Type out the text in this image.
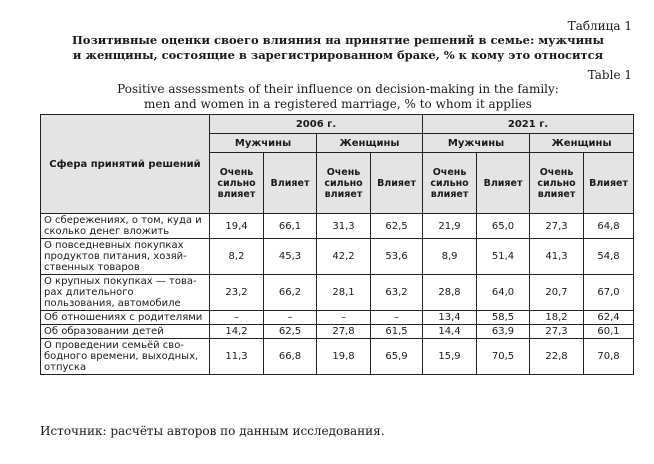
Таблица 1
Позитивные оценки своего влияния на принятие решений в семье: мужчины
и женщины, состоящие в зарегистрированном браке, % к кому это относится
Table 1
Positive assessments of their influence on decision-making in the family:
men and women in a registered marriage, % to whom it applies
Сфера принятий решений	2006 г.				2021 г.			
	Мужчины		Женщины		Мужчины		Женщины	
	Очень сильно влияет	Влияет	Очень сильно влияет	Влияет	Очень сильно влияет	Влияет	Очень сильно влияет	Влияет
О сбережениях, о том, куда и сколько денег вложить	19,4	66,1	31,3	62,5	21,9	65,0	27,3	64,8
О повседневных покупках продуктов питания, хозяй-ственных товаров	8,2	45,3	42,2	53,6	8,9	51,4	41,3	54,8
О крупных покупках — това-рах длительного пользования, автомобиле	23,2	66,2	28,1	63,2	28,8	64,0	20,7	67,0
Об отношениях с родителями	–	–	–	–	13,4	58,5	18,2	62,4
Об образовании детей	14,2	62,5	27,8	61,5	14,4	63,9	27,3	60,1
О проведении семьёй сво-бодного времени, выходных, отпуска	11,3	66,8	19,8	65,9	15,9	70,5	22,8	70,8
Источник: расчёты авторов по данным исследования.
